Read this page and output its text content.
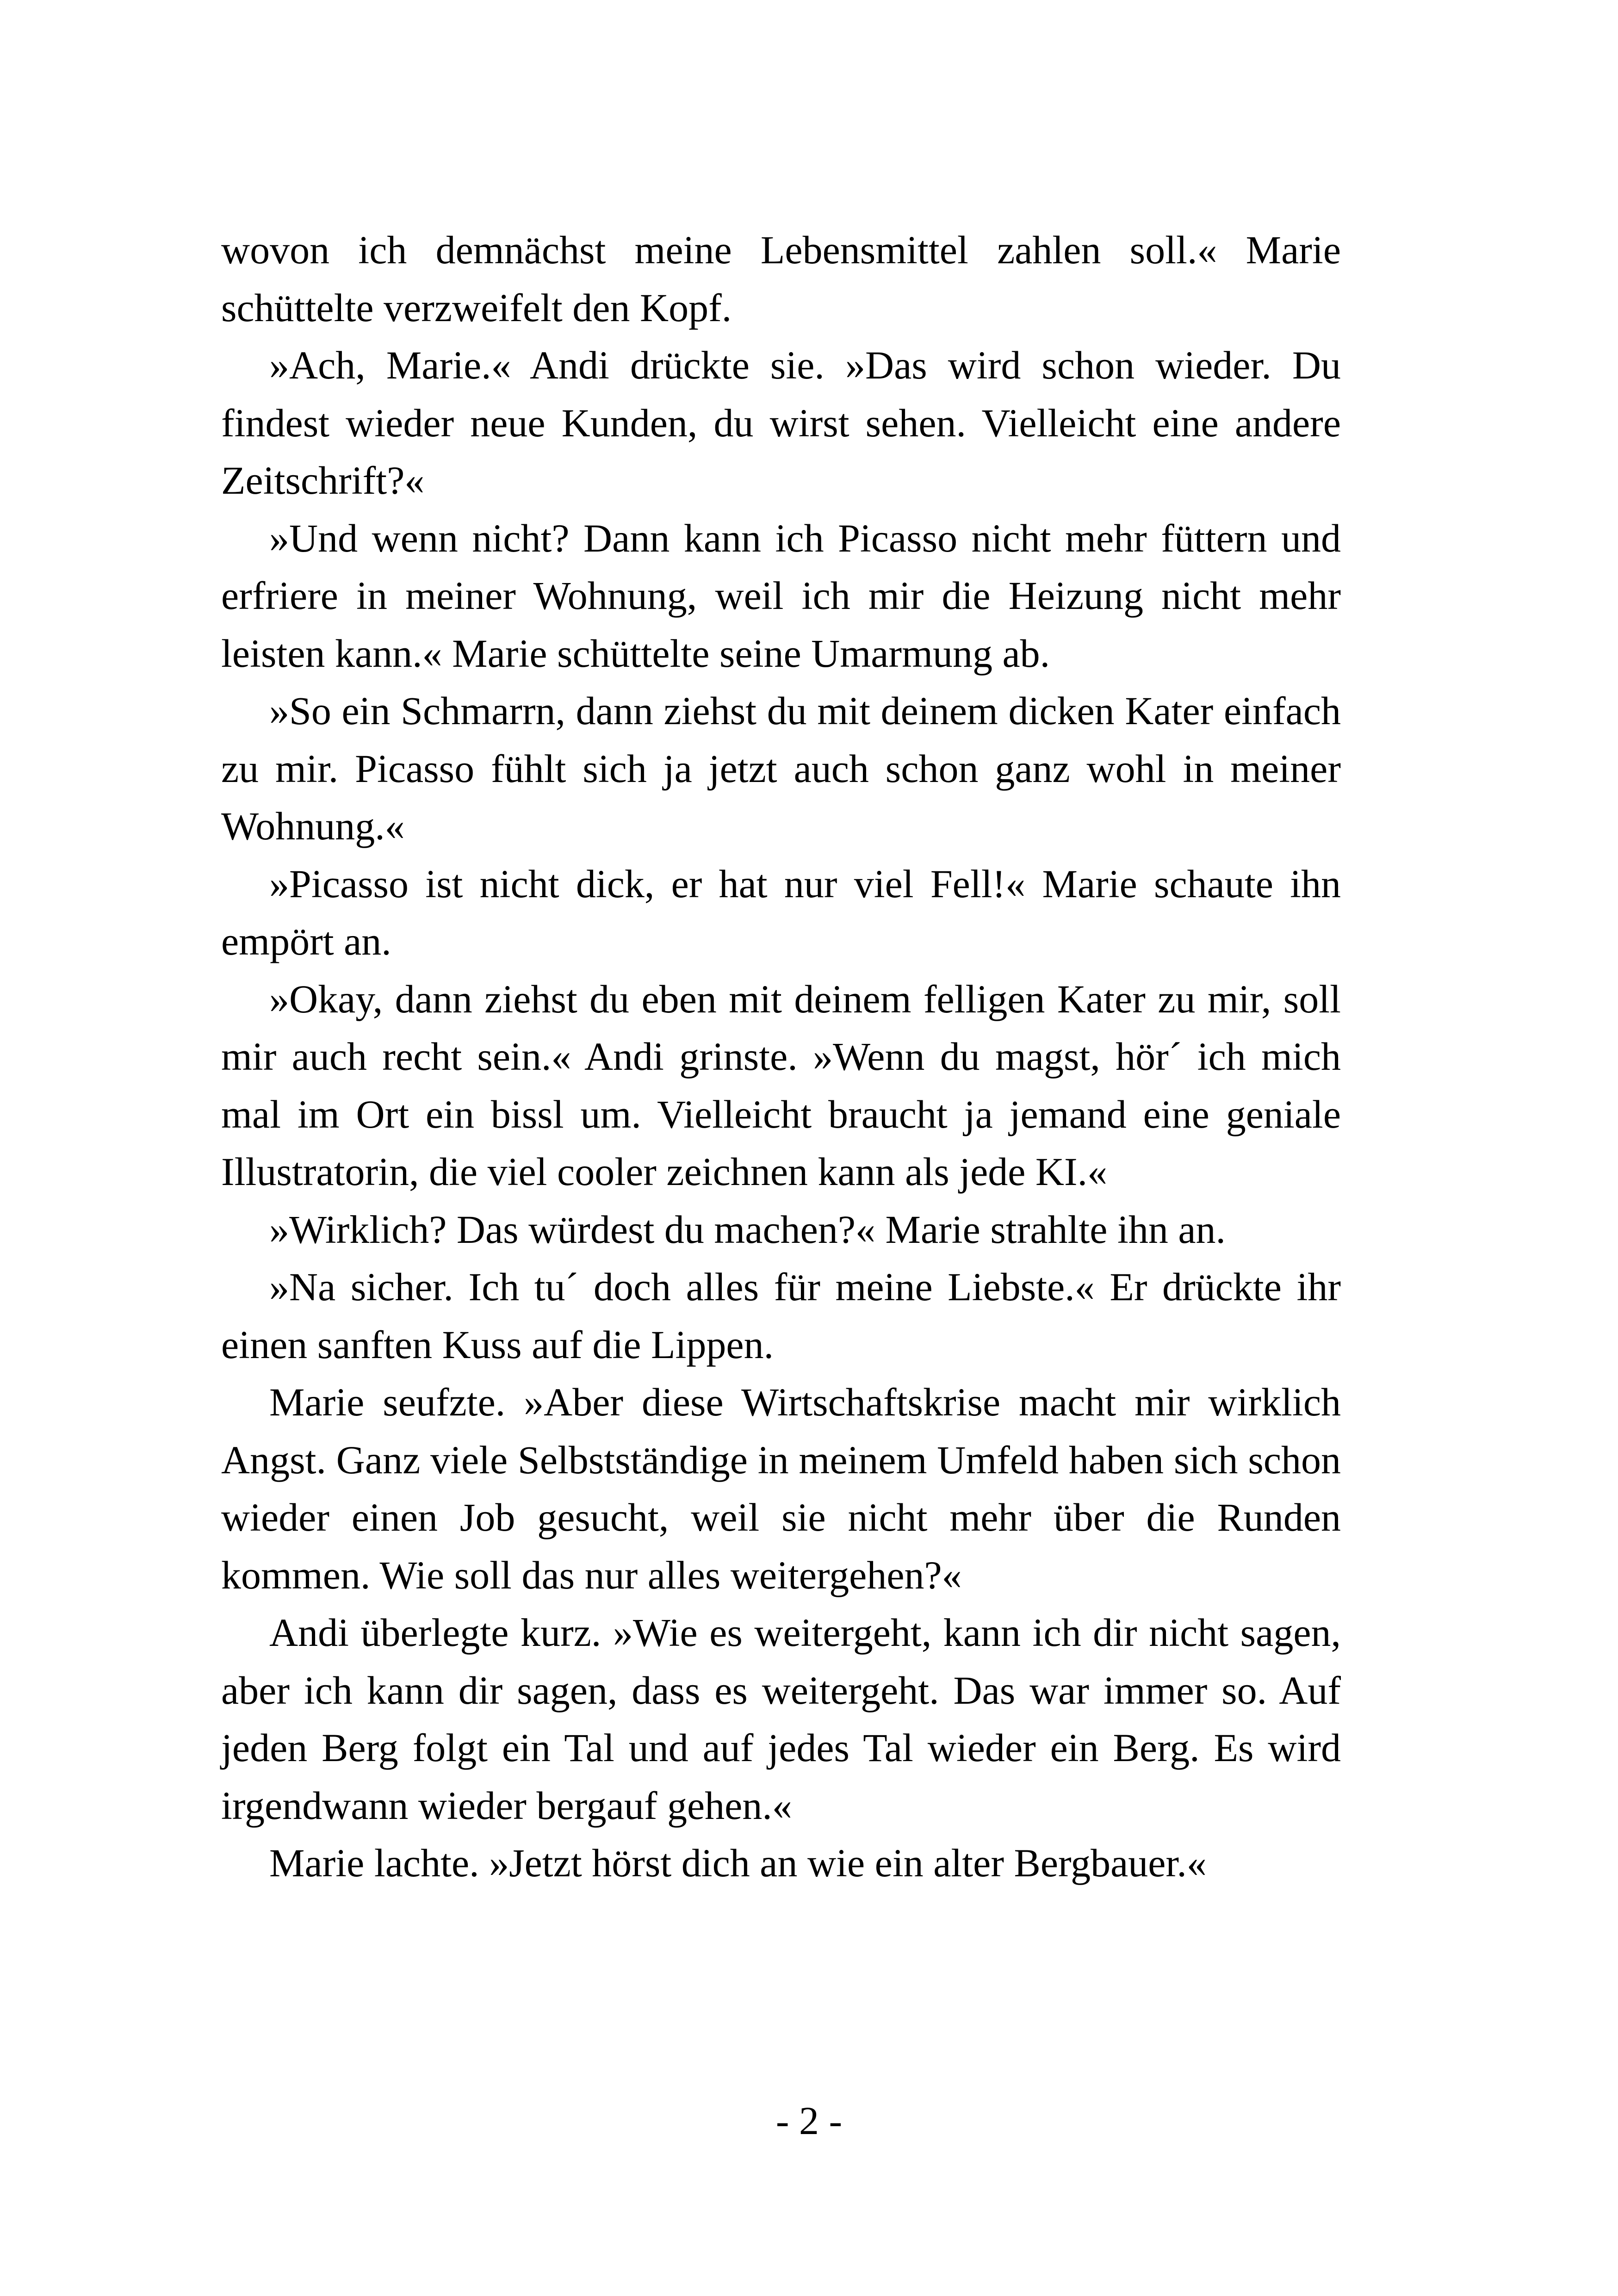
wovon ich demnächst meine Lebensmittel zahlen soll.« Marie schüttelte verzweifelt den Kopf.

»Ach, Marie.« Andi drückte sie. »Das wird schon wieder. Du findest wieder neue Kunden, du wirst sehen. Vielleicht eine andere Zeitschrift?«

»Und wenn nicht? Dann kann ich Picasso nicht mehr füttern und erfriere in meiner Wohnung, weil ich mir die Heizung nicht mehr leisten kann.« Marie schüttelte seine Umarmung ab.

»So ein Schmarrn, dann ziehst du mit deinem dicken Kater einfach zu mir. Picasso fühlt sich ja jetzt auch schon ganz wohl in meiner Wohnung.«

»Picasso ist nicht dick, er hat nur viel Fell!« Marie schaute ihn empört an.

»Okay, dann ziehst du eben mit deinem felligen Kater zu mir, soll mir auch recht sein.« Andi grinste. »Wenn du magst, hör´ ich mich mal im Ort ein bissl um. Vielleicht braucht ja jemand eine geniale Illustratorin, die viel cooler zeichnen kann als jede KI.«

»Wirklich? Das würdest du machen?« Marie strahlte ihn an.

»Na sicher. Ich tu´ doch alles für meine Liebste.« Er drückte ihr einen sanften Kuss auf die Lippen.

Marie seufzte. »Aber diese Wirtschaftskrise macht mir wirklich Angst. Ganz viele Selbstständige in meinem Umfeld haben sich schon wieder einen Job gesucht, weil sie nicht mehr über die Runden kommen. Wie soll das nur alles weitergehen?«

Andi überlegte kurz. »Wie es weitergeht, kann ich dir nicht sagen, aber ich kann dir sagen, dass es weitergeht. Das war immer so. Auf jeden Berg folgt ein Tal und auf jedes Tal wieder ein Berg. Es wird irgendwann wieder bergauf gehen.«

Marie lachte. »Jetzt hörst dich an wie ein alter Bergbauer.«

- 2 -
